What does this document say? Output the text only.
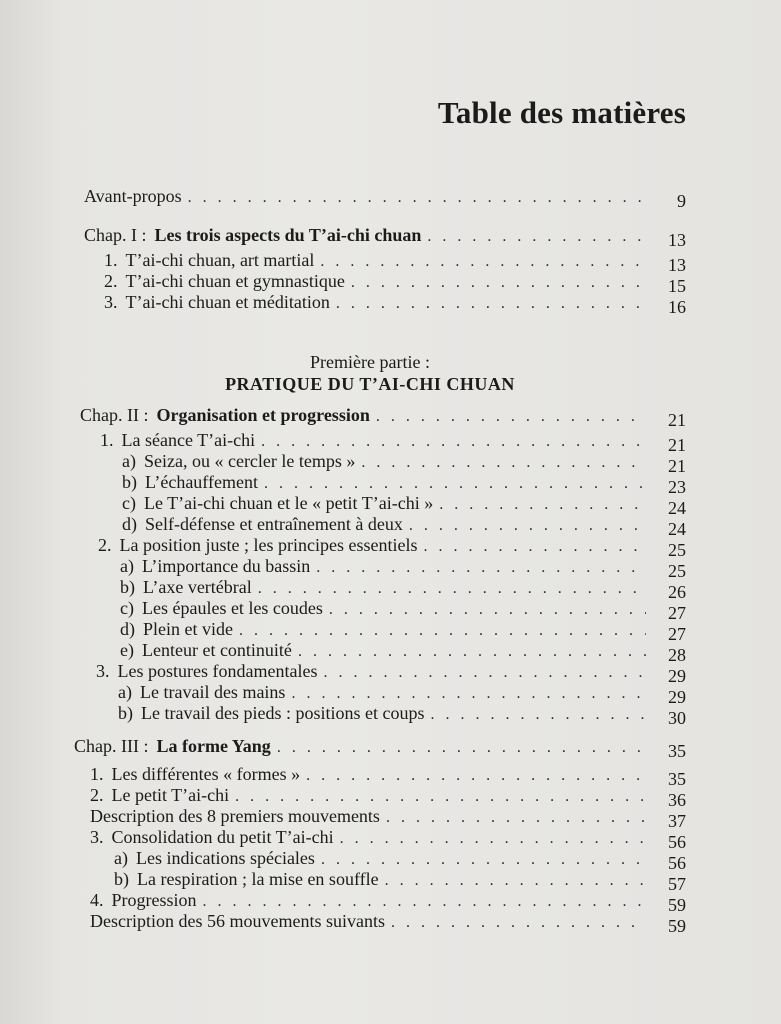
Table des matières
Avant-propos . . .	9
Chap. I : Les trois aspects du T’ai-chi chuan . . .	13
1. T’ai-chi chuan, art martial . . .	13
2. T’ai-chi chuan et gymnastique . . .	15
3. T’ai-chi chuan et méditation . . .	16
Première partie :
PRATIQUE DU T’AI-CHI CHUAN
Chap. II : Organisation et progression . . .	21
1. La séance T’ai-chi . . .	21
a) Seiza, ou « cercler le temps » . . .	21
b) L’échauffement . . .	23
c) Le T’ai-chi chuan et le « petit T’ai-chi » . . .	24
d) Self-défense et entraînement à deux . . .	24
2. La position juste ; les principes essentiels . . .	25
a) L’importance du bassin . . .	25
b) L’axe vertébral . . .	26
c) Les épaules et les coudes . . .	27
d) Plein et vide . . .	27
e) Lenteur et continuité . . .	28
3. Les postures fondamentales . . .	29
a) Le travail des mains . . .	29
b) Le travail des pieds : positions et coups . . .	30
Chap. III : La forme Yang . . .	35
1. Les différentes « formes » . . .	35
2. Le petit T’ai-chi . . .	36
Description des 8 premiers mouvements . . .	37
3. Consolidation du petit T’ai-chi . . .	56
a) Les indications spéciales . . .	56
b) La respiration ; la mise en souffle . . .	57
4. Progression . . .	59
Description des 56 mouvements suivants . . .	59
